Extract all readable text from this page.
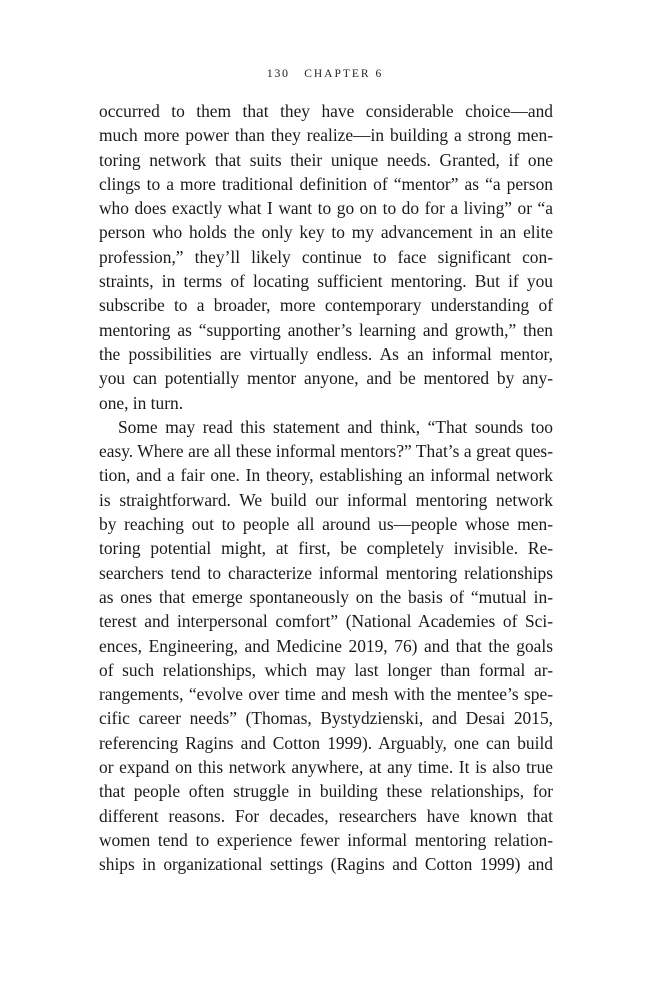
130 CHAPTER 6
occurred to them that they have considerable choice—and
much more power than they realize—in building a strong men-
toring network that suits their unique needs. Granted, if one
clings to a more traditional definition of “mentor” as “a person
who does exactly what I want to go on to do for a living” or “a
person who holds the only key to my advancement in an elite
profession,” they’ll likely continue to face significant con-
straints, in terms of locating sufficient mentoring. But if you
subscribe to a broader, more contemporary understanding of
mentoring as “supporting another’s learning and growth,” then
the possibilities are virtually endless. As an informal mentor,
you can potentially mentor anyone, and be mentored by any-
one, in turn.
Some may read this statement and think, “That sounds too
easy. Where are all these informal mentors?” That’s a great ques-
tion, and a fair one. In theory, establishing an informal network
is straightforward. We build our informal mentoring network
by reaching out to people all around us—people whose men-
toring potential might, at first, be completely invisible. Re-
searchers tend to characterize informal mentoring relationships
as ones that emerge spontaneously on the basis of “mutual in-
terest and interpersonal comfort” (National Academies of Sci-
ences, Engineering, and Medicine 2019, 76) and that the goals
of such relationships, which may last longer than formal ar-
rangements, “evolve over time and mesh with the mentee’s spe-
cific career needs” (Thomas, Bystydzienski, and Desai 2015,
referencing Ragins and Cotton 1999). Arguably, one can build
or expand on this network anywhere, at any time. It is also true
that people often struggle in building these relationships, for
different reasons. For decades, researchers have known that
women tend to experience fewer informal mentoring relation-
ships in organizational settings (Ragins and Cotton 1999) and
